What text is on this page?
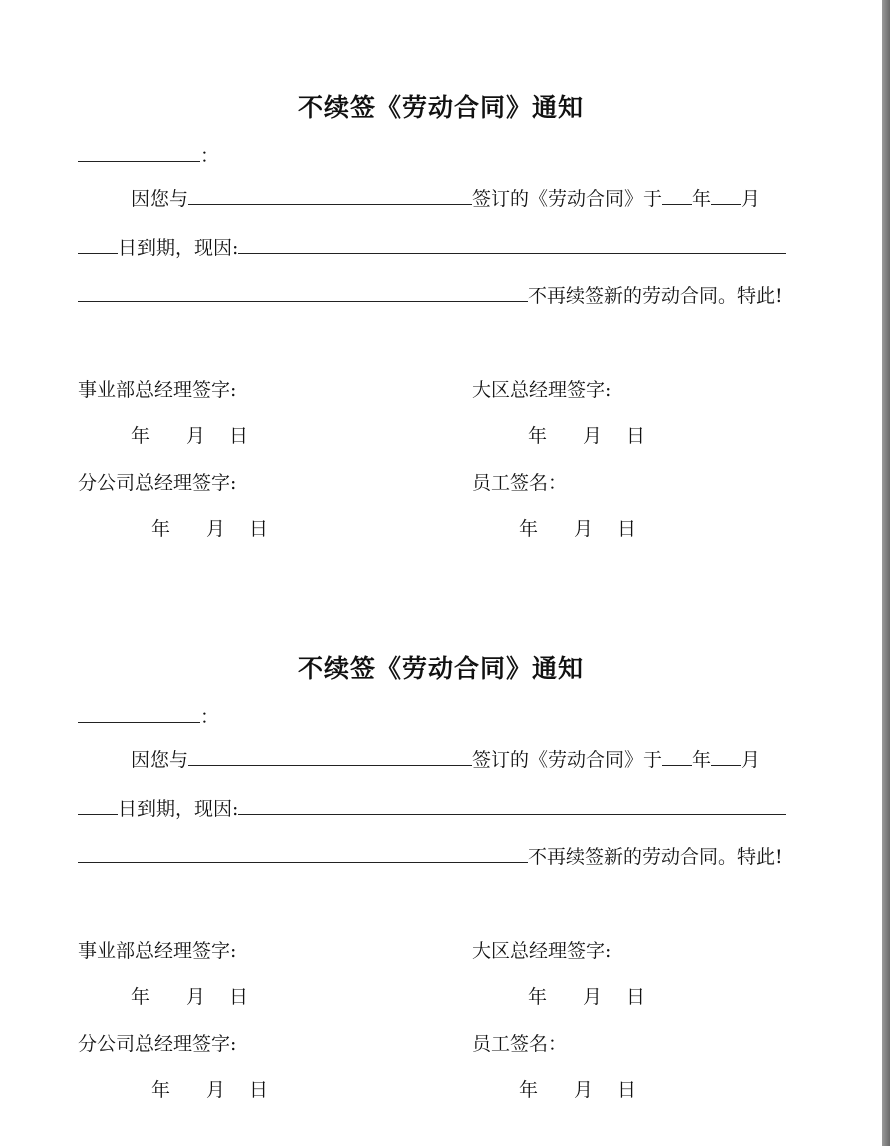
不续签《劳动合同》通知
：
因您与	签订的《劳动合同》于 年 月
日到期，现因:
不再续签新的劳动合同。特此!
事业部总经理签字:	大区总经理签字:
年 月 日	年 月 日
分公司总经理签字:	员工签名：
年 月 日	年 月 日
不续签《劳动合同》通知
：
因您与	签订的《劳动合同》于 年 月
日到期，现因:
不再续签新的劳动合同。特此!
事业部总经理签字:	大区总经理签字:
年 月 日	年 月 日
分公司总经理签字:	员工签名：
年 月 日	年 月 日
